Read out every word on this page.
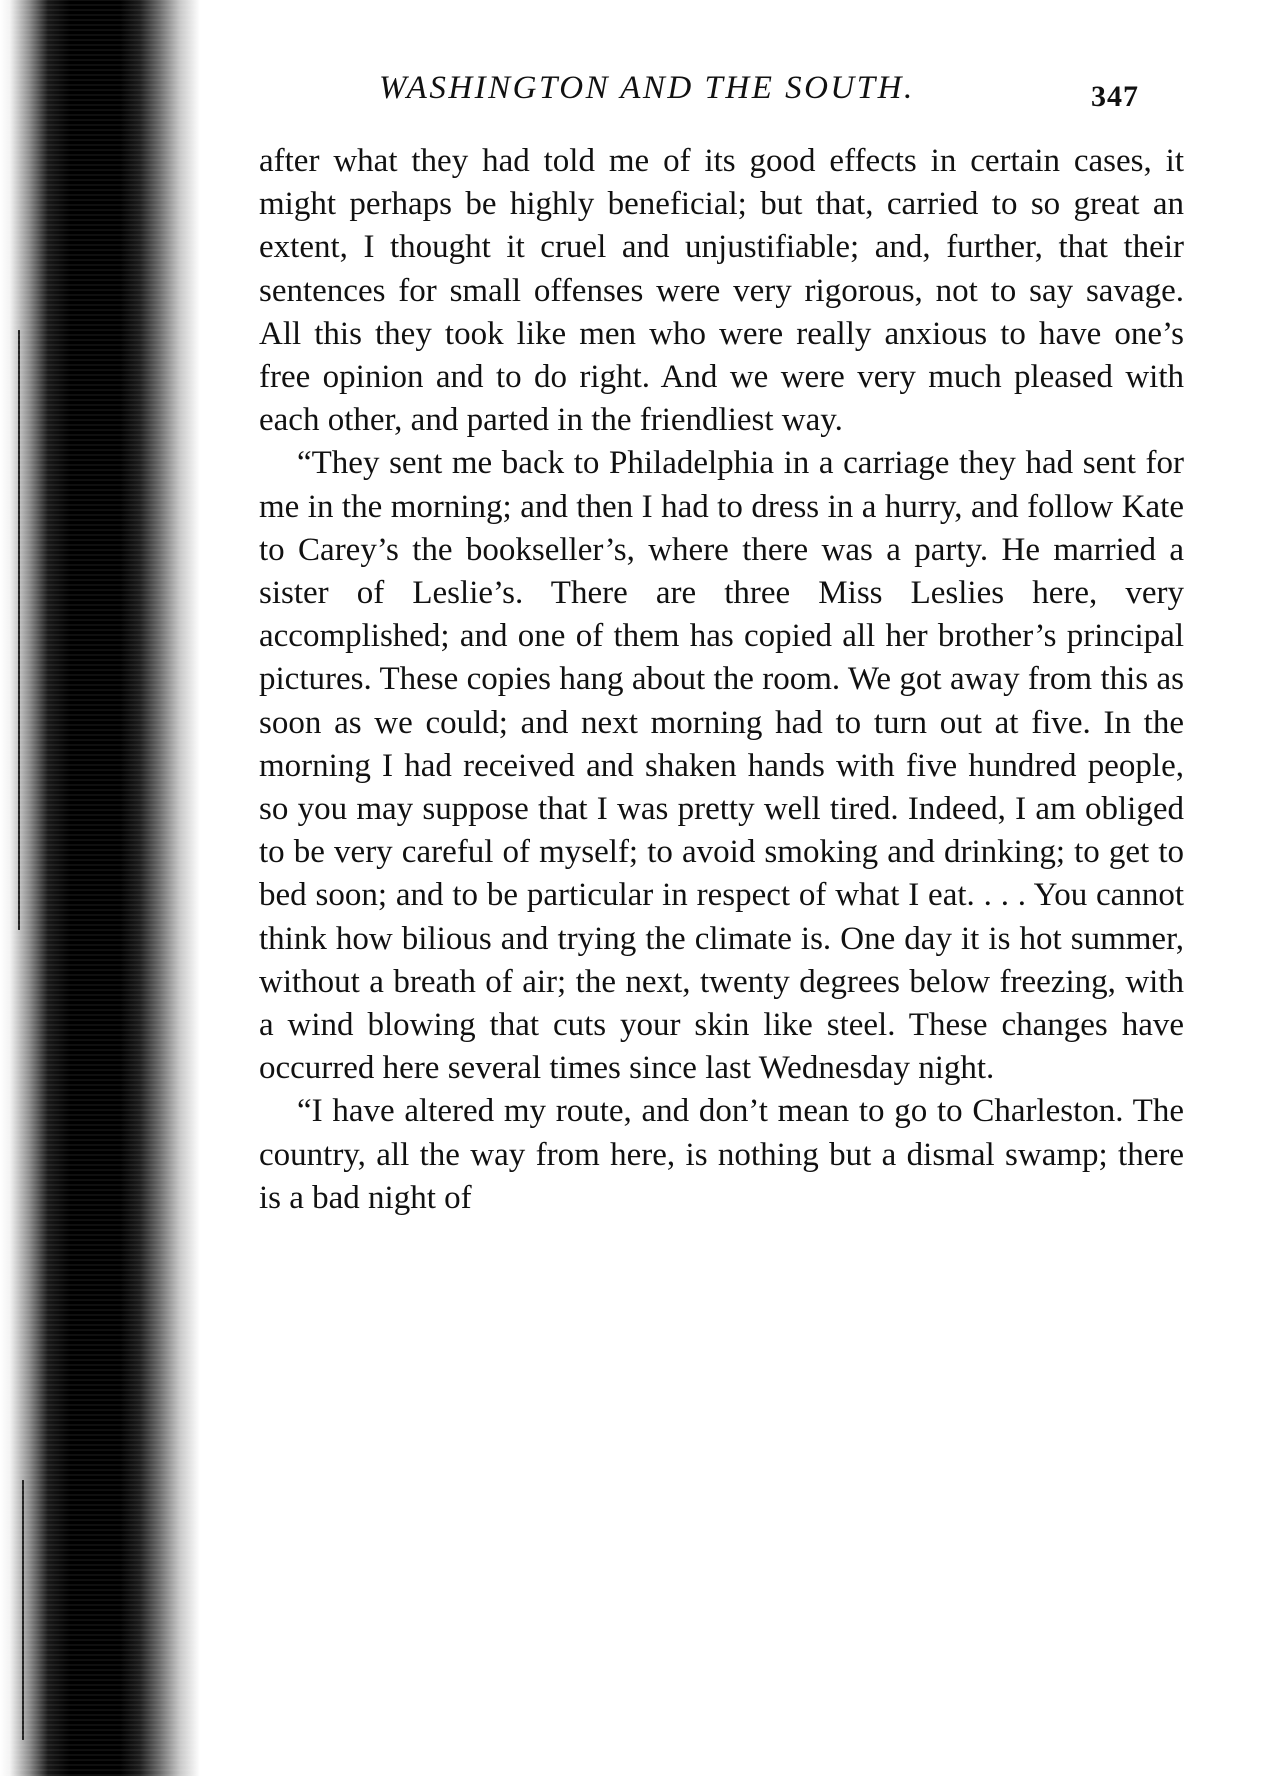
WASHINGTON AND THE SOUTH.	347

after what they had told me of its good effects in certain cases, it might perhaps be highly beneficial; but that, carried to so great an extent, I thought it cruel and unjustifiable; and, further, that their sentences for small offenses were very rigorous, not to say savage. All this they took like men who were really anxious to have one’s free opinion and to do right. And we were very much pleased with each other, and parted in the friendliest way.

“They sent me back to Philadelphia in a carriage they had sent for me in the morning; and then I had to dress in a hurry, and follow Kate to Carey’s the bookseller’s, where there was a party. He married a sister of Leslie’s. There are three Miss Leslies here, very accomplished; and one of them has copied all her brother’s principal pictures. These copies hang about the room. We got away from this as soon as we could; and next morning had to turn out at five. In the morning I had received and shaken hands with five hundred people, so you may suppose that I was pretty well tired. Indeed, I am obliged to be very careful of myself; to avoid smoking and drinking; to get to bed soon; and to be particular in respect of what I eat. . . . You cannot think how bilious and trying the climate is. One day it is hot summer, without a breath of air; the next, twenty degrees below freezing, with a wind blowing that cuts your skin like steel. These changes have occurred here several times since last Wednesday night.

“I have altered my route, and don’t mean to go to Charleston. The country, all the way from here, is nothing but a dismal swamp; there is a bad night of
